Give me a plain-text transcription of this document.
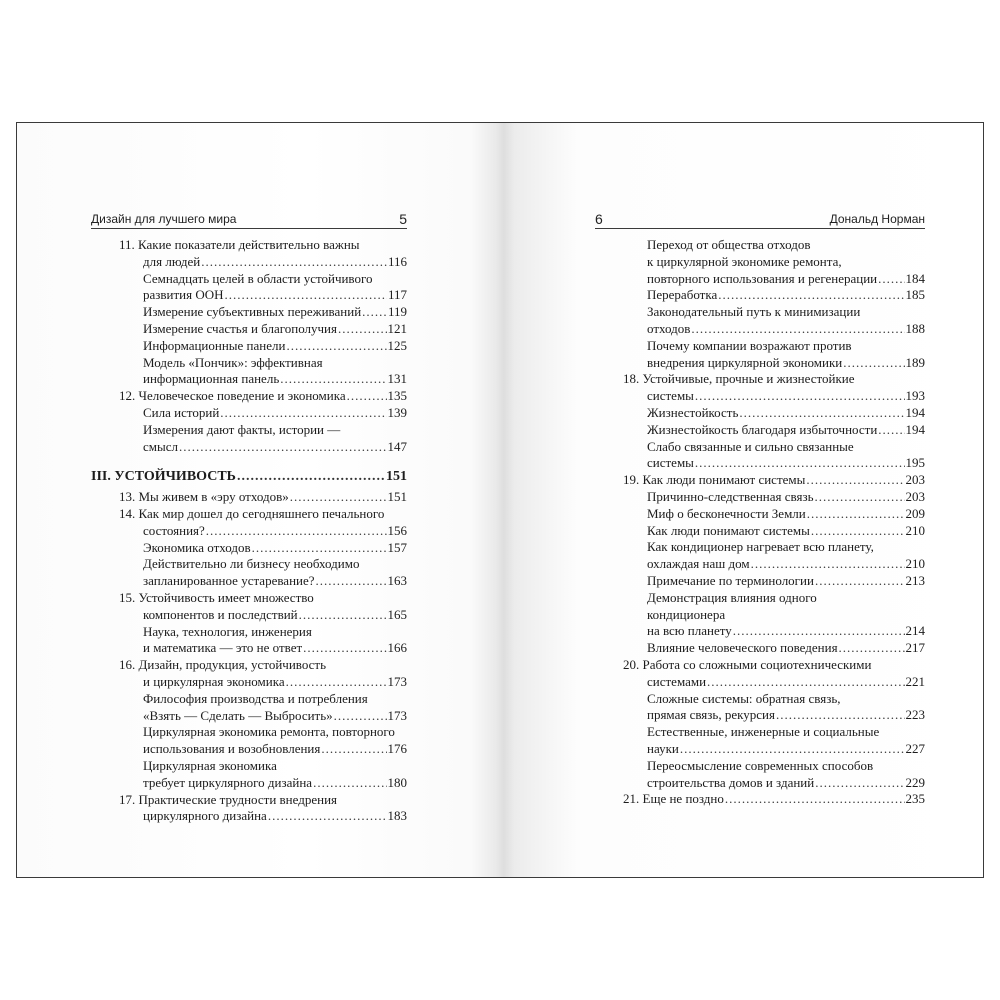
Дизайн для лучшего мира	5
11. Какие показатели действительно важны
для людей .....	116
Семнадцать целей в области устойчивого
развития ООН .....	117
Измерение субъективных переживаний ..... 119
Измерение счастья и благополучия .....	121
Информационные панели .....	125
Модель «Пончик»: эффективная
информационная панель .....	131
12. Человеческое поведение и экономика .....	135
Сила историй .....	139
Измерения дают факты, истории —
смысл .....	147
III. УСТОЙЧИВОСТЬ .....	151
13. Мы живем в «эру отходов» .....	151
14. Как мир дошел до сегодняшнего печального
состояния? .....	156
Экономика отходов .....	157
Действительно ли бизнесу необходимо
запланированное устаревание? .....	163
15. Устойчивость имеет множество
компонентов и последствий .....	165
Наука, технология, инженерия
и математика — это не ответ .....	166
16. Дизайн, продукция, устойчивость
и циркулярная экономика .....	173
Философия производства и потребления
«Взять — Сделать — Выбросить» .....	173
Циркулярная экономика ремонта, повторного
использования и возобновления .....	176
Циркулярная экономика
требует циркулярного дизайна .....	180
17. Практические трудности внедрения
циркулярного дизайна .....	183
6	Дональд Норман
Переход от общества отходов
к циркулярной экономике ремонта,
повторного использования и регенерации ..... 184
Переработка .....	185
Законодательный путь к минимизации
отходов .....	188
Почему компании возражают против
внедрения циркулярной экономики .....	189
18. Устойчивые, прочные и жизнестойкие
системы .....	193
Жизнестойкость .....	194
Жизнестойкость благодаря избыточности ..... 194
Слабо связанные и сильно связанные
системы .....	195
19. Как люди понимают системы .....	203
Причинно-следственная связь .....	203
Миф о бесконечности Земли .....	209
Как люди понимают системы .....	210
Как кондиционер нагревает всю планету,
охлаждая наш дом .....	210
Примечание по терминологии .....	213
Демонстрация влияния одного
кондиционера
на всю планету .....	214
Влияние человеческого поведения .....	217
20. Работа со сложными социотехническими
системами .....	221
Сложные системы: обратная связь,
прямая связь, рекурсия .....	223
Естественные, инженерные и социальные
науки .....	227
Переосмысление современных способов
строительства домов и зданий .....	229
21. Еще не поздно .....	235
